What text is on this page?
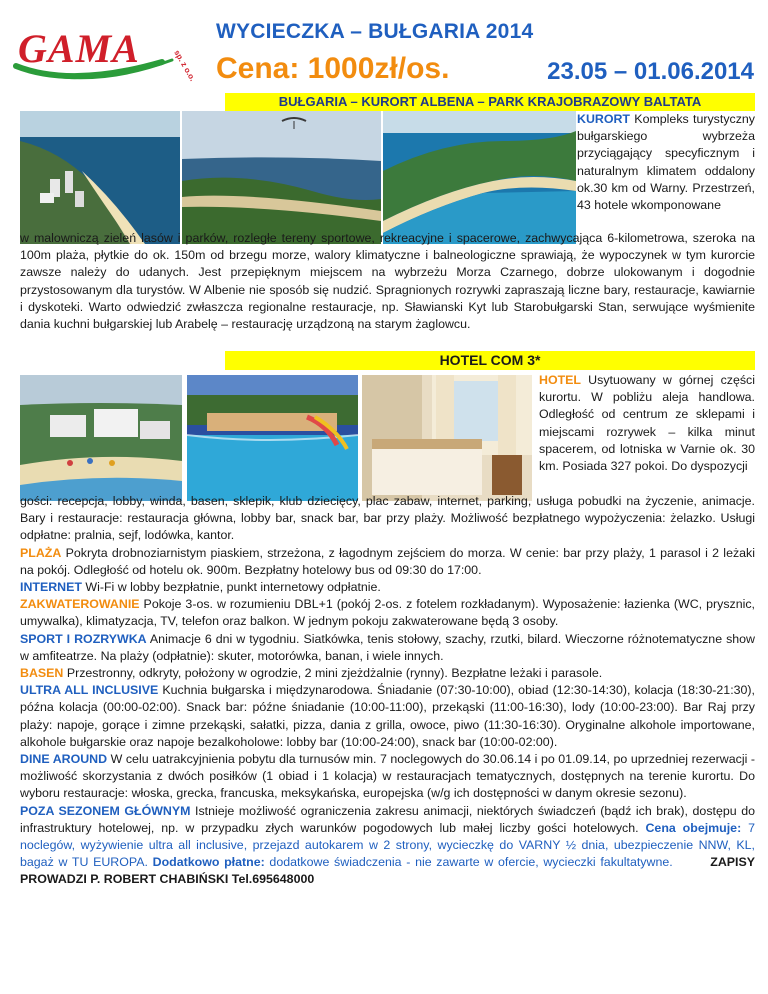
GAMA	sp. z o.o.
WYCIECZKA – BUŁGARIA 2014
Cena: 1000zł/os.	23.05 – 01.06.2014
BUŁGARIA – KURORT ALBENA – PARK KRAJOBRAZOWY BALTATA
KURORT Kompleks turystyczny bułgarskiego wybrzeża przyciągający specyficznym i naturalnym klimatem oddalony ok.30 km od Warny. Przestrzeń, 43 hotele wkomponowane
w malowniczą zieleń lasów i parków, rozległe tereny sportowe, rekreacyjne i spacerowe, zachwycająca 6-kilometrowa, szeroka na 100m plaża, płytkie do ok. 150m od brzegu morze, walory klimatyczne i balneologiczne sprawiają, że wypoczynek w tym kurorcie zawsze należy do udanych. Jest przepięknym miejscem na wybrzeżu Morza Czarnego, dobrze ulokowanym i dogodnie przystosowanym dla turystów. W Albenie nie sposób się nudzić. Spragnionych rozrywki zapraszają liczne bary, restauracje, kawiarnie i dyskoteki. Warto odwiedzić zwłaszcza regionalne restauracje, np. Sławianski Kyt lub Starobułgarski Stan, serwujące wyśmienite dania kuchni bułgarskiej lub Arabelę – restaurację urządzoną na starym żaglowcu.
HOTEL COM 3*
HOTEL Usytuowany w górnej części kurortu. W pobliżu aleja handlowa. Odległość od centrum ze sklepami i miejscami rozrywek – kilka minut spacerem, od lotniska w Varnie ok. 30 km. Posiada 327 pokoi. Do dyspozycji
gości: recepcja, lobby, winda, basen, sklepik, klub dziecięcy, plac zabaw, internet, parking, usługa pobudki na życzenie, animacje. Bary i restauracje: restauracja główna, lobby bar, snack bar, bar przy plaży. Możliwość bezpłatnego wypożyczenia: żelazko. Usługi odpłatne: pralnia, sejf, lodówka, kantor.
PLAŻA Pokryta drobnoziarnistym piaskiem, strzeżona, z łagodnym zejściem do morza. W cenie: bar przy plaży, 1 parasol i 2 leżaki na pokój. Odległość od hotelu ok. 900m. Bezpłatny hotelowy bus od 09:30 do 17:00.
INTERNET Wi-Fi w lobby bezpłatnie, punkt internetowy odpłatnie.
ZAKWATEROWANIE Pokoje 3-os. w rozumieniu DBL+1 (pokój 2-os. z fotelem rozkładanym). Wyposażenie: łazienka (WC, prysznic, umywalka), klimatyzacja, TV, telefon oraz balkon. W jednym pokoju zakwaterowane będą 3 osoby.
SPORT I ROZRYWKA Animacje 6 dni w tygodniu. Siatkówka, tenis stołowy, szachy, rzutki, bilard. Wieczorne różnotematyczne show w amfiteatrze. Na plaży (odpłatnie): skuter, motorówka, banan, i wiele innych.
BASEN Przestronny, odkryty, położony w ogrodzie, 2 mini zjeżdżalnie (rynny). Bezpłatne leżaki i parasole.
ULTRA ALL INCLUSIVE Kuchnia bułgarska i międzynarodowa. Śniadanie (07:30-10:00), obiad (12:30-14:30), kolacja (18:30-21:30), późna kolacja (00:00-02:00). Snack bar: późne śniadanie (10:00-11:00), przekąski (11:00-16:30), lody (10:00-23:00). Bar Raj przy plaży: napoje, gorące i zimne przekąski, sałatki, pizza, dania z grilla, owoce, piwo (11:30-16:30). Oryginalne alkohole importowane, alkohole bułgarskie oraz napoje bezalkoholowe: lobby bar (10:00-24:00), snack bar (10:00-02:00).
DINE AROUND W celu uatrakcyjnienia pobytu dla turnusów min. 7 noclegowych do 30.06.14 i po 01.09.14, po uprzedniej rezerwacji - możliwość skorzystania z dwóch posiłków (1 obiad i 1 kolacja) w restauracjach tematycznych, dostępnych na terenie kurortu. Do wyboru restauracje: włoska, grecka, francuska, meksykańska, europejska (w/g ich dostępności w danym okresie sezonu).
POZA SEZONEM GŁÓWNYM Istnieje możliwość ograniczenia zakresu animacji, niektórych świadczeń (bądź ich brak), dostępu do infrastruktury hotelowej, np. w przypadku złych warunków pogodowych lub małej liczby gości hotelowych. Cena obejmuje: 7 noclegów, wyżywienie ultra all inclusive, przejazd autokarem w 2 strony, wycieczkę do VARNY ½ dnia, ubezpieczenie NNW, KL, bagaż w TU EUROPA. Dodatkowo płatne: dodatkowe świadczenia - nie zawarte w ofercie, wycieczki fakultatywne.	ZAPISY PROWADZI P. ROBERT CHABIŃSKI Tel.695648000
